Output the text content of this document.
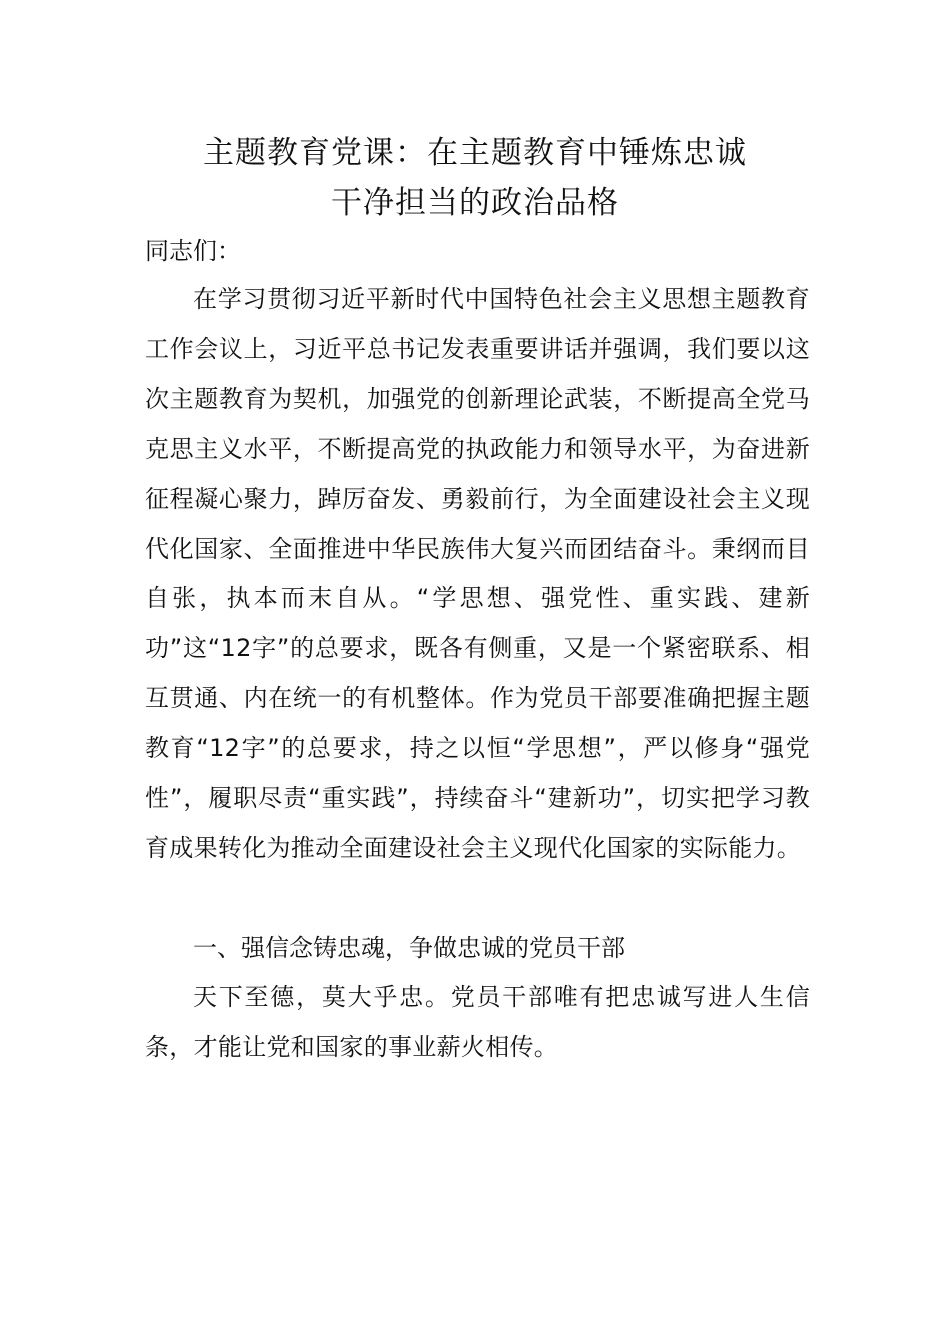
主题教育党课：在主题教育中锤炼忠诚
干净担当的政治品格

同志们：

在学习贯彻习近平新时代中国特色社会主义思想主题教育工作会议上，习近平总书记发表重要讲话并强调，我们要以这次主题教育为契机，加强党的创新理论武装，不断提高全党马克思主义水平，不断提高党的执政能力和领导水平，为奋进新征程凝心聚力，踔厉奋发、勇毅前行，为全面建设社会主义现代化国家、全面推进中华民族伟大复兴而团结奋斗。秉纲而目自张，执本而末自从。“学思想、强党性、重实践、建新功”这“12字”的总要求，既各有侧重，又是一个紧密联系、相互贯通、内在统一的有机整体。作为党员干部要准确把握主题教育“12字”的总要求，持之以恒“学思想”，严以修身“强党性”，履职尽责“重实践”，持续奋斗“建新功”，切实把学习教育成果转化为推动全面建设社会主义现代化国家的实际能力。

一、强信念铸忠魂，争做忠诚的党员干部

天下至德，莫大乎忠。党员干部唯有把忠诚写进人生信条，才能让党和国家的事业薪火相传。
